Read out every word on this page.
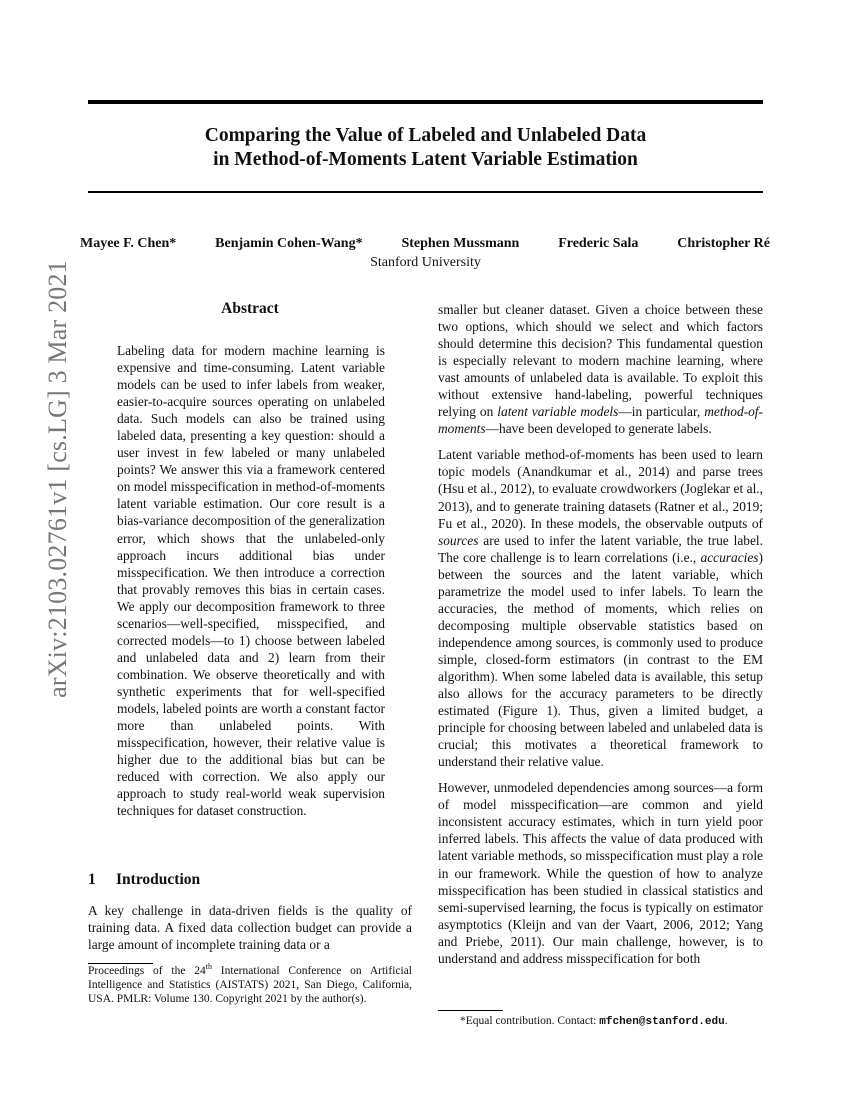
Comparing the Value of Labeled and Unlabeled Data
in Method-of-Moments Latent Variable Estimation
Mayee F. Chen*	Benjamin Cohen-Wang*	Stephen Mussmann	Frederic Sala	Christopher Ré
Stanford University
arXiv:2103.02761v1 [cs.LG] 3 Mar 2021	Abstract

Labeling data for modern machine learning is expensive and time-consuming. Latent variable models can be used to infer labels from weaker, easier-to-acquire sources operating on unlabeled data. Such models can also be trained using labeled data, presenting a key question: should a user invest in few labeled or many unlabeled points? We answer this via a framework centered on model misspecification in method-of-moments latent variable estimation. Our core result is a bias-variance decomposition of the generalization error, which shows that the unlabeled-only approach incurs additional bias under misspecification. We then introduce a correction that provably removes this bias in certain cases. We apply our decomposition framework to three scenarios—well-specified, misspecified, and corrected models—to 1) choose between labeled and unlabeled data and 2) learn from their combination. We observe theoretically and with synthetic experiments that for well-specified models, labeled points are worth a constant factor more than unlabeled points. With misspecification, however, their relative value is higher due to the additional bias but can be reduced with correction. We also apply our approach to study real-world weak supervision techniques for dataset construction.

1 Introduction

A key challenge in data-driven fields is the quality of training data. A fixed data collection budget can provide a large amount of incomplete training data or a

Proceedings of the 24th International Conference on Artificial Intelligence and Statistics (AISTATS) 2021, San Diego, California, USA. PMLR: Volume 130. Copyright 2021 by the author(s).

smaller but cleaner dataset. Given a choice between these two options, which should we select and which factors should determine this decision? This fundamental question is especially relevant to modern machine learning, where vast amounts of unlabeled data is available. To exploit this without extensive hand-labeling, powerful techniques relying on latent variable models—in particular, method-of-moments—have been developed to generate labels.

Latent variable method-of-moments has been used to learn topic models (Anandkumar et al., 2014) and parse trees (Hsu et al., 2012), to evaluate crowdworkers (Joglekar et al., 2013), and to generate training datasets (Ratner et al., 2019; Fu et al., 2020). In these models, the observable outputs of sources are used to infer the latent variable, the true label. The core challenge is to learn correlations (i.e., accuracies) between the sources and the latent variable, which parametrize the model used to infer labels. To learn the accuracies, the method of moments, which relies on decomposing multiple observable statistics based on independence among sources, is commonly used to produce simple, closed-form estimators (in contrast to the EM algorithm). When some labeled data is available, this setup also allows for the accuracy parameters to be directly estimated (Figure 1). Thus, given a limited budget, a principle for choosing between labeled and unlabeled data is crucial; this motivates a theoretical framework to understand their relative value.

However, unmodeled dependencies among sources—a form of model misspecification—are common and yield inconsistent accuracy estimates, which in turn yield poor inferred labels. This affects the value of data produced with latent variable methods, so misspecification must play a role in our framework. While the question of how to analyze misspecification has been studied in classical statistics and semi-supervised learning, the focus is typically on estimator asymptotics (Kleijn and van der Vaart, 2006, 2012; Yang and Priebe, 2011). Our main challenge, however, is to understand and address misspecification for both

*Equal contribution. Contact: mfchen@stanford.edu.
